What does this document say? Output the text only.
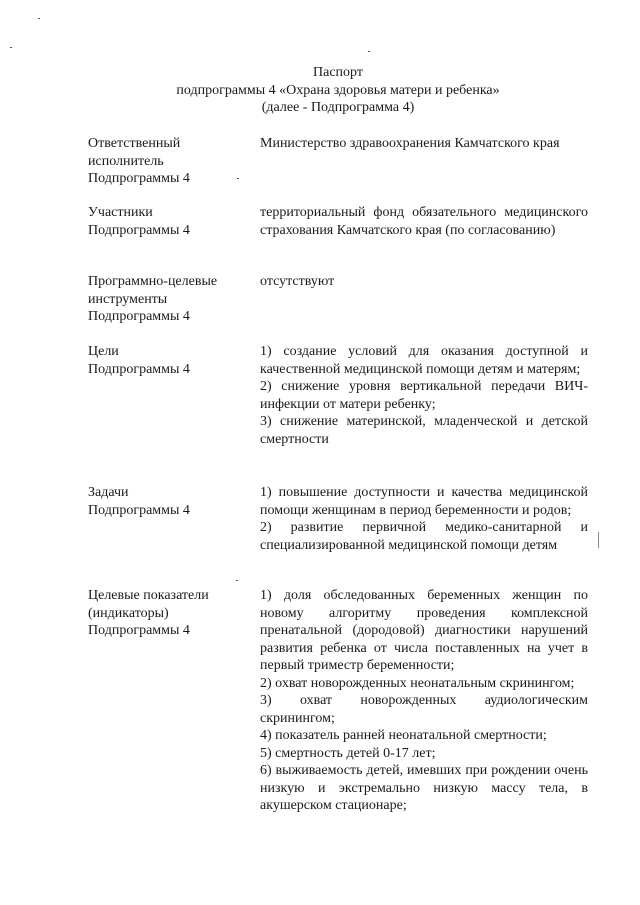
Паспорт
подпрограммы 4 «Охрана здоровья матери и ребенка»
(далее - Подпрограмма 4)
Ответственный
исполнитель
Подпрограммы 4
Министерство здравоохранения Камчатского края
Участники
Подпрограммы 4
территориальный фонд обязательного медицинского страхования Камчатского края (по согласованию)
Программно-целевые
инструменты
Подпрограммы 4
отсутствуют
Цели
Подпрограммы 4
1) создание условий для оказания доступной и качественной медицинской помощи детям и матерям;
2) снижение уровня вертикальной передачи ВИЧ-инфекции от матери ребенку;
3) снижение материнской, младенческой и детской смертности
Задачи
Подпрограммы 4
1) повышение доступности и качества медицинской помощи женщинам в период беременности и родов;
2) развитие первичной медико-санитарной и специализированной медицинской помощи детям
Целевые показатели
(индикаторы)
Подпрограммы 4
1) доля обследованных беременных женщин по новому алгоритму проведения комплексной пренатальной (дородовой) диагностики нарушений развития ребенка от числа поставленных на учет в первый триместр беременности;
2) охват новорожденных неонатальным скринингом;
3) охват новорожденных аудиологическим скринингом;
4) показатель ранней неонатальной смертности;
5) смертность детей 0-17 лет;
6) выживаемость детей, имевших при рождении очень низкую и экстремально низкую массу тела, в акушерском стационаре;
